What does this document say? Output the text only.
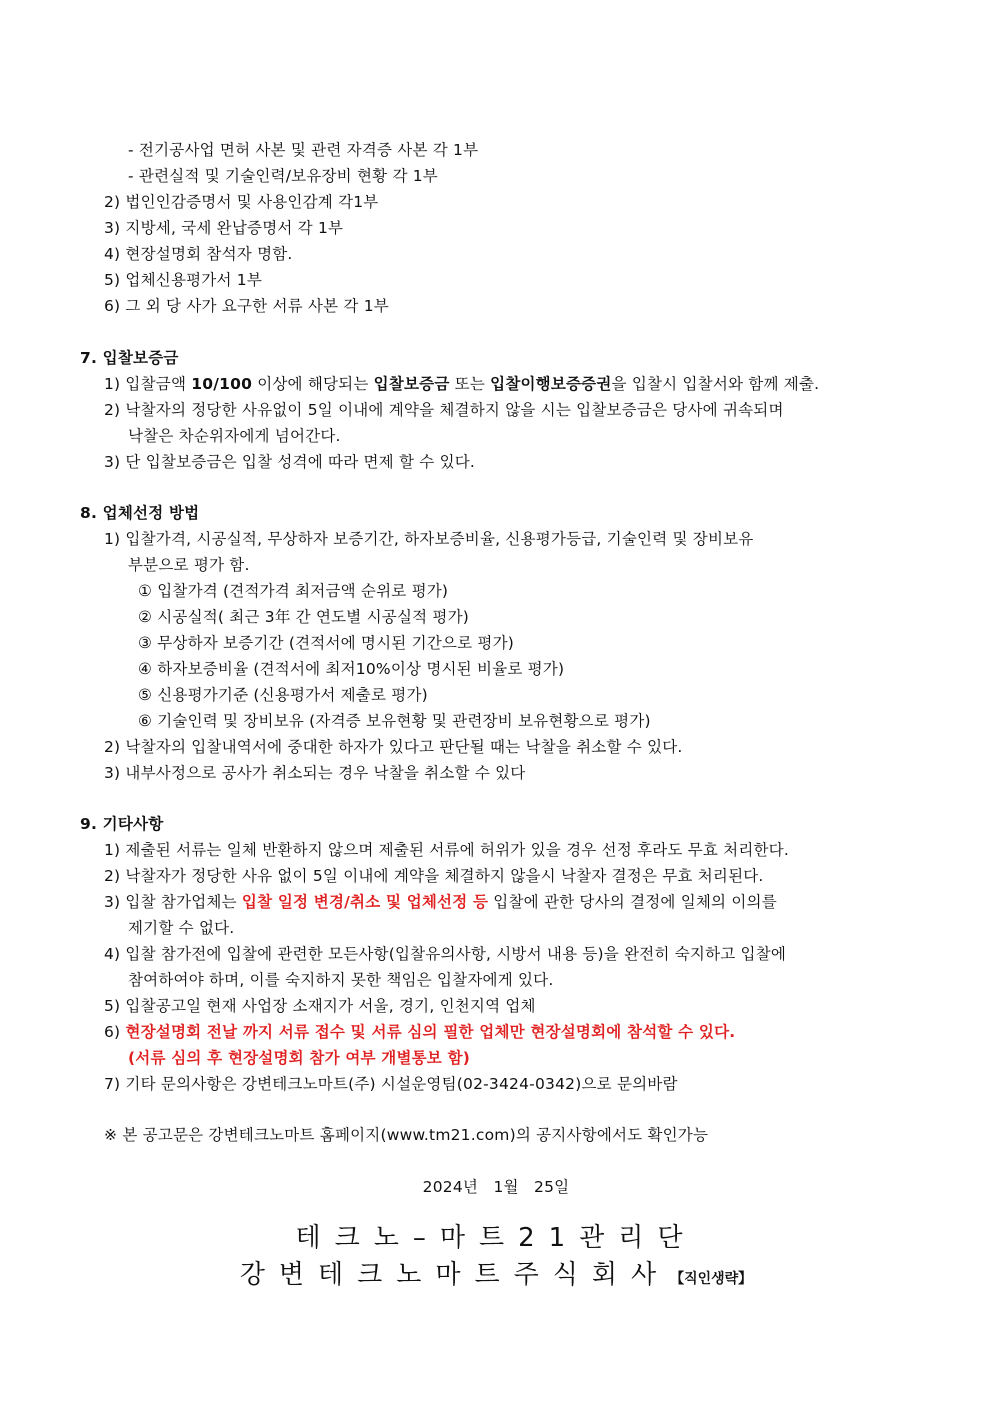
- 전기공사업 면허 사본 및 관련 자격증 사본 각 1부
- 관련실적 및 기술인력/보유장비 현황 각 1부
2) 법인인감증명서 및 사용인감계 각1부
3) 지방세, 국세 완납증명서 각 1부
4) 현장설명회 참석자 명함.
5) 업체신용평가서 1부
6) 그 외 당 사가 요구한 서류 사본 각 1부
7. 입찰보증금
1) 입찰금액 10/100 이상에 해당되는 입찰보증금 또는 입찰이행보증증권을 입찰시 입찰서와 함께 제출.
2) 낙찰자의 정당한 사유없이 5일 이내에 계약을 체결하지 않을 시는 입찰보증금은 당사에 귀속되며
낙찰은 차순위자에게 넘어간다.
3) 단 입찰보증금은 입찰 성격에 따라 면제 할 수 있다.
8. 업체선정 방법
1) 입찰가격, 시공실적, 무상하자 보증기간, 하자보증비율, 신용평가등급, 기술인력 및 장비보유
부분으로 평가 함.
① 입찰가격 (견적가격 최저금액 순위로 평가)
② 시공실적( 최근 3年 간 연도별 시공실적 평가)
③ 무상하자 보증기간 (견적서에 명시된 기간으로 평가)
④ 하자보증비율 (견적서에 최저10%이상 명시된 비율로 평가)
⑤ 신용평가기준 (신용평가서 제출로 평가)
⑥ 기술인력 및 장비보유 (자격증 보유현황 및 관련장비 보유현황으로 평가)
2) 낙찰자의 입찰내역서에 중대한 하자가 있다고 판단될 때는 낙찰을 취소할 수 있다.
3) 내부사정으로 공사가 취소되는 경우 낙찰을 취소할 수 있다
9. 기타사항
1) 제출된 서류는 일체 반환하지 않으며 제출된 서류에 허위가 있을 경우 선정 후라도 무효 처리한다.
2) 낙찰자가 정당한 사유 없이 5일 이내에 계약을 체결하지 않을시 낙찰자 결정은 무효 처리된다.
3) 입찰 참가업체는 입찰 일정 변경/취소 및 업체선정 등 입찰에 관한 당사의 결정에 일체의 이의를
제기할 수 없다.
4) 입찰 참가전에 입찰에 관련한 모든사항(입찰유의사항, 시방서 내용 등)을 완전히 숙지하고 입찰에
참여하여야 하며, 이를 숙지하지 못한 책임은 입찰자에게 있다.
5) 입찰공고일 현재 사업장 소재지가 서울, 경기, 인천지역 업체
6) 현장설명회 전날 까지 서류 접수 및 서류 심의 필한 업체만 현장설명회에 참석할 수 있다.
(서류 심의 후 현장설명회 참가 여부 개별통보 함)
7) 기타 문의사항은 강변테크노마트(주) 시설운영팀(02-3424-0342)으로 문의바람
※ 본 공고문은 강변테크노마트 홈페이지(www.tm21.com)의 공지사항에서도 확인가능
2024년   1월   25일
테크노–마트21관리단
강변테크노마트주식회사【직인생략】
